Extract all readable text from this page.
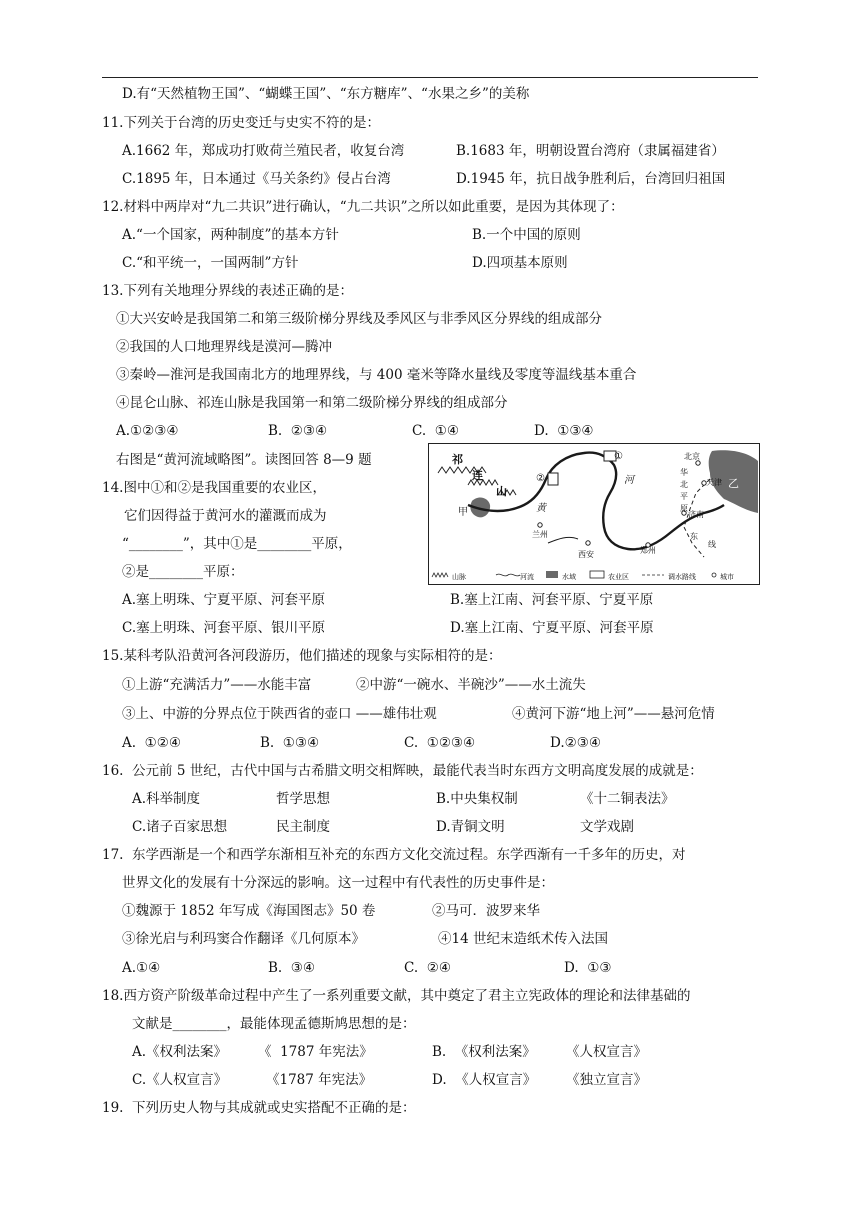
D.有“天然植物王国”、“蝴蝶王国”、“东方糖库”、“水果之乡”的美称
11.下列关于台湾的历史变迁与史实不符的是：
A.1662 年，郑成功打败荷兰殖民者，收复台湾	B.1683 年，明朝设置台湾府（隶属福建省）
C.1895 年，日本通过《马关条约》侵占台湾	D.1945 年，抗日战争胜利后，台湾回归祖国
12.材料中两岸对“九二共识”进行确认，“九二共识”之所以如此重要，是因为其体现了：
A.“一个国家，两种制度”的基本方针	B.一个中国的原则
C.“和平统一，一国两制”方针	D.四项基本原则
13.下列有关地理分界线的表述正确的是：
①大兴安岭是我国第二和第三级阶梯分界线及季风区与非季风区分界线的组成部分
②我国的人口地理界线是漠河—腾冲
③秦岭—淮河是我国南北方的地理界线，与 400 毫米等降水量线及零度等温线基本重合
④昆仑山脉、祁连山脉是我国第一和第二级阶梯分界线的组成部分
A.①②③④	B.  ②③④	C.  ①④	D.  ①③④
右图是“黄河流域略图”。读图回答 8—9 题
14.图中①和②是我国重要的农业区，
它们因得益于黄河水的灌溉而成为
“________”，其中①是________平原，
②是________平原：
A.塞上明珠、宁夏平原、河套平原	B.塞上江南、河套平原、宁夏平原
C.塞上明珠、河套平原、银川平原	D.塞上江南、宁夏平原、河套平原
祁
连
山
甲
②
①
河
黄
北京
天津
华
北
平
原
济南
兰州
西安	郑州
东
线
乙
山脉	河流	水域	农业区	调水路线	城市
15.某科考队沿黄河各河段游历，他们描述的现象与实际相符的是：
①上游“充满活力”——水能丰富	②中游“一碗水、半碗沙”——水土流失
③上、中游的分界点位于陕西省的壶口 ——雄伟壮观	④黄河下游“地上河”——悬河危情
A.  ①②④	B.  ①③④	C.  ①②③④	D.②③④
16.  公元前 5 世纪，古代中国与古希腊文明交相辉映，最能代表当时东西方文明高度发展的成就是：
A.科举制度	哲学思想	B.中央集权制	《十二铜表法》
C.诸子百家思想	民主制度	D.青铜文明	文学戏剧
17.  东学西渐是一个和西学东渐相互补充的东西方文化交流过程。东学西渐有一千多年的历史，对
世界文化的发展有十分深远的影响。这一过程中有代表性的历史事件是：
①魏源于 1852 年写成《海国图志》50 卷	②马可．波罗来华
③徐光启与利玛窦合作翻译《几何原本》	④14 世纪末造纸术传入法国
A.①④	B.  ③④	C.  ②④	D.  ①③
18.西方资产阶级革命过程中产生了一系列重要文献，其中奠定了君主立宪政体的理论和法律基础的
文献是________，最能体现孟德斯鸠思想的是：
A.《权利法案》 《  1787 年宪法》	B.  《权利法案》 《人权宣言》
C.《人权宣言》	《1787 年宪法》	D.  《人权宣言》 《独立宣言》
19.  下列历史人物与其成就或史实搭配不正确的是：
